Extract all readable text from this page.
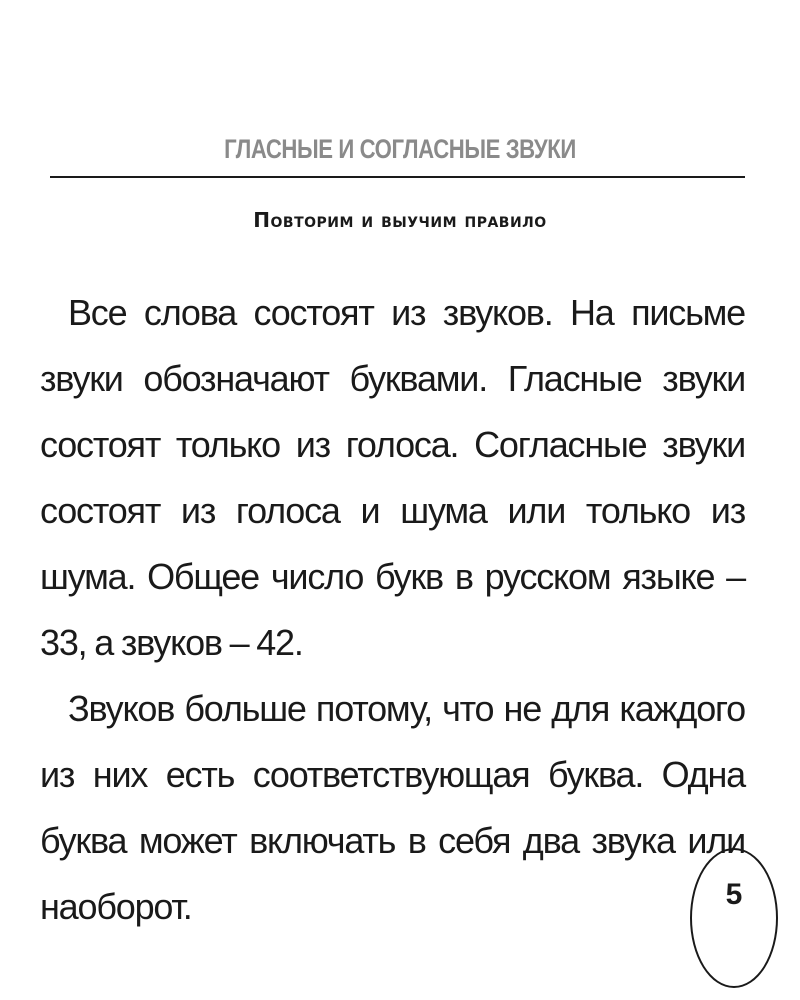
ГЛАСНЫЕ И СОГЛАСНЫЕ ЗВУКИ
Повторим и выучим правило

Все слова состоят из звуков. На письме звуки обозначают буквами. Гласные звуки состоят только из голоса. Согласные звуки состоят из голоса и шума или только из шума. Общее число букв в русском языке – 33, а звуков – 42.

Звуков больше потому, что не для каждого из них есть соответствующая буква. Одна буква может включать в себя два звука или наоборот.	5
